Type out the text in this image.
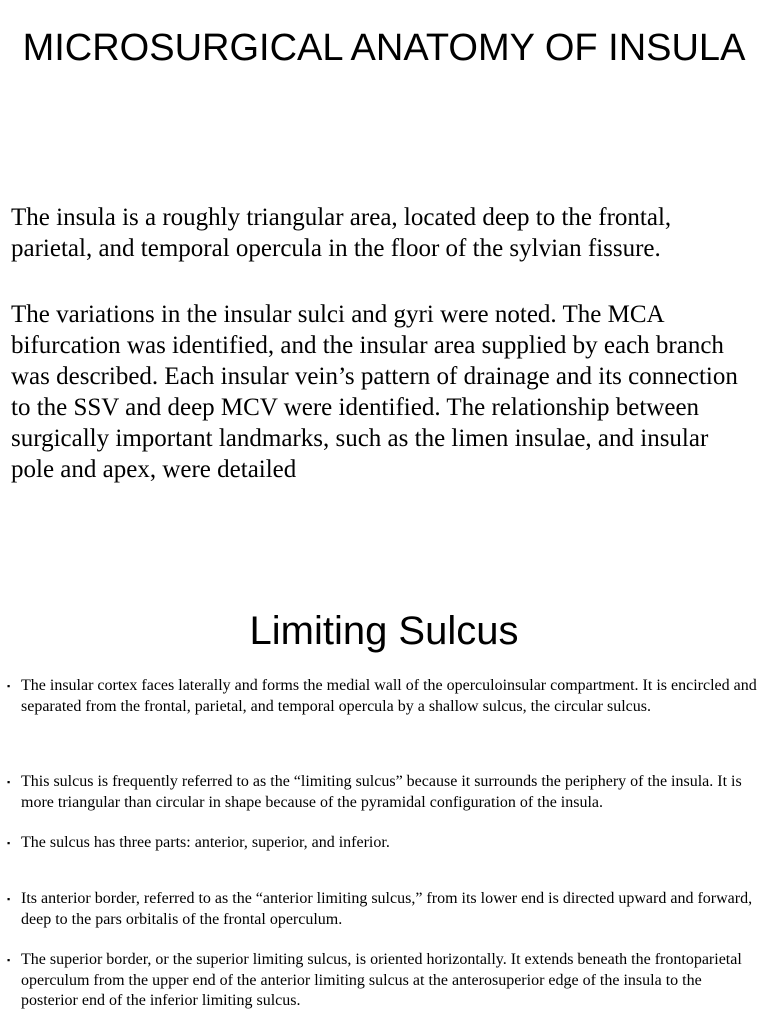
MICROSURGICAL ANATOMY OF INSULA

The insula is a roughly triangular area, located deep to the frontal, parietal, and temporal opercula in the floor of the sylvian fissure.

The variations in the insular sulci and gyri were noted. The MCA bifurcation was identified, and the insular area supplied by each branch was described. Each insular vein’s pattern of drainage and its connection to the SSV and deep MCV were identified. The relationship between surgically important landmarks, such as the limen insulae, and insular pole and apex, were detailed

Limiting Sulcus
▪ The insular cortex faces laterally and forms the medial wall of the operculoinsular compartment. It is encircled and separated from the frontal, parietal, and temporal opercula by a shallow sulcus, the circular sulcus.
▪ This sulcus is frequently referred to as the “limiting sulcus” because it surrounds the periphery of the insula. It is more triangular than circular in shape because of the pyramidal configuration of the insula.
▪ The sulcus has three parts: anterior, superior, and inferior.
▪ Its anterior border, referred to as the “anterior limiting sulcus,” from its lower end is directed upward and forward, deep to the pars orbitalis of the frontal operculum.
▪ The superior border, or the superior limiting sulcus, is oriented horizontally. It extends beneath the frontoparietal operculum from the upper end of the anterior limiting sulcus at the anterosuperior edge of the insula to the posterior end of the inferior limiting sulcus.
